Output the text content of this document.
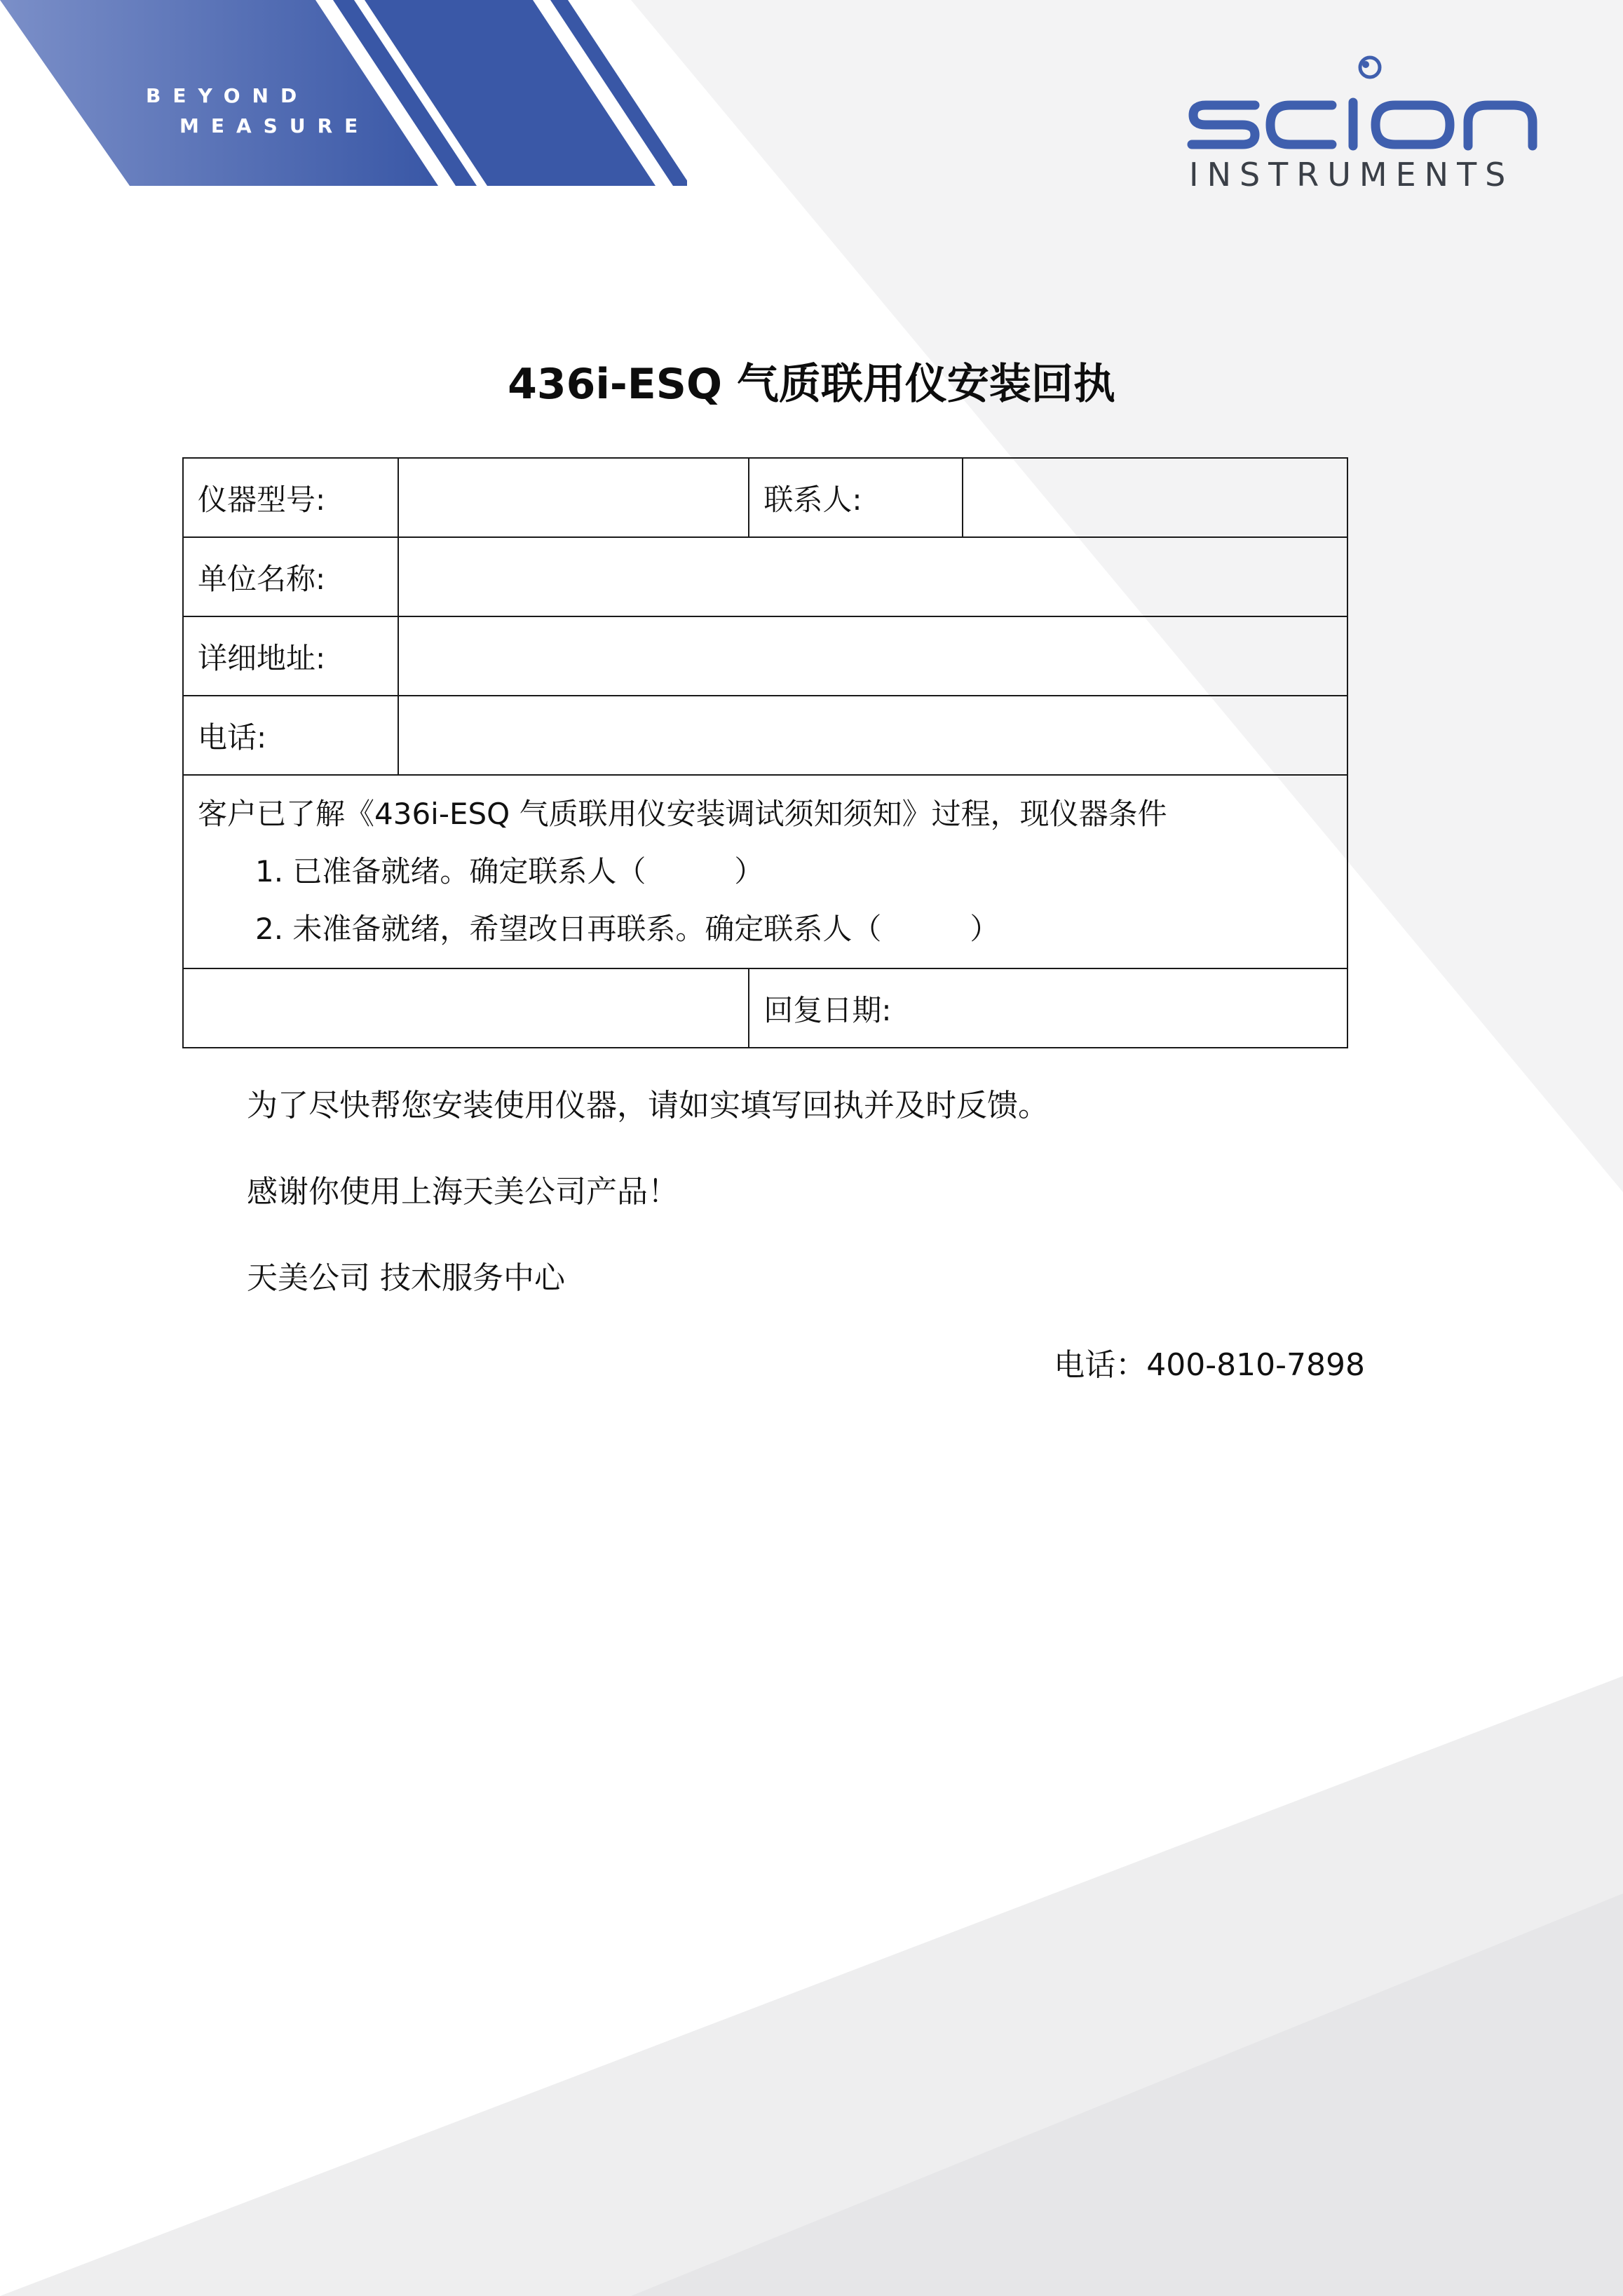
BEYOND
MEASURE
INSTRUMENTS
436i-ESQ 气质联用仪安装回执
仪器型号:		联系人:	
单位名称:			
详细地址:			
电话:			

客户已了解《436i-ESQ 气质联用仪安装调试须知须知》过程，现仪器条件
1. 已准备就绪。确定联系人（　　　）
2. 未准备就绪，希望改日再联系。确定联系人（　　　）			

		回复日期:	
为了尽快帮您安装使用仪器，请如实填写回执并及时反馈。
感谢你使用上海天美公司产品！
天美公司 技术服务中心
电话：400-810-7898
